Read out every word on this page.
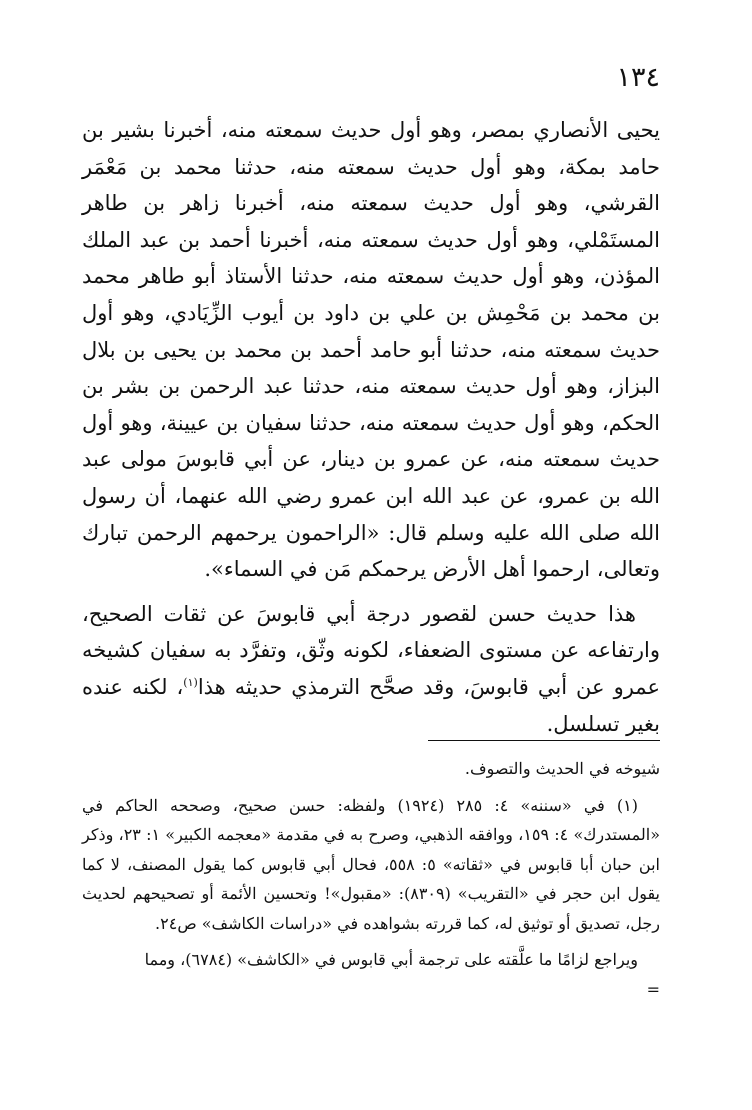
١٣٤

يحيى الأنصاري بمصر، وهو أول حديث سمعته منه، أخبرنا بشير بن حامد بمكة، وهو أول حديث سمعته منه، حدثنا محمد بن مَعْمَر القرشي، وهو أول حديث سمعته منه، أخبرنا زاهر بن طاهر المستَمْلي، وهو أول حديث سمعته منه، أخبرنا أحمد بن عبد الملك المؤذن، وهو أول حديث سمعته منه، حدثنا الأستاذ أبو طاهر محمد بن محمد بن مَحْمِش بن علي بن داود بن أيوب الزِّيَادي، وهو أول حديث سمعته منه، حدثنا أبو حامد أحمد بن محمد بن يحيى بن بلال البزاز، وهو أول حديث سمعته منه، حدثنا عبد الرحمن بن بشر بن الحكم، وهو أول حديث سمعته منه، حدثنا سفيان بن عيينة، وهو أول حديث سمعته منه، عن عمرو بن دينار، عن أبي قابوسَ مولى عبد الله بن عمرو، عن عبد الله ابن عمرو رضي الله عنهما، أن رسول الله صلى الله عليه وسلم قال: «الراحمون يرحمهم الرحمن تبارك وتعالى، ارحموا أهل الأرض يرحمكم مَن في السماء».

هذا حديث حسن لقصور درجة أبي قابوسَ عن ثقات الصحيح، وارتفاعه عن مستوى الضعفاء، لكونه وثّق، وتفرَّد به سفيان كشيخه عمرو عن أبي قابوسَ، وقد صحَّح الترمذي حديثه هذا$^{(١)}$، لكنه عنده بغير تسلسل.

شيوخه في الحديث والتصوف.

(١) في «سننه» ٤: ٢٨٥ (١٩٢٤) ولفظه: حسن صحيح، وصححه الحاكم في «المستدرك» ٤: ١٥٩، ووافقه الذهبي، وصرح به في مقدمة «معجمه الكبير» ١: ٢٣، وذكر ابن حبان أبا قابوس في «ثقاته» ٥: ٥٥٨، فحال أبي قابوس كما يقول المصنف، لا كما يقول ابن حجر في «التقريب» (٨٣٠٩): «مقبول»! وتحسين الأئمة أو تصحيحهم لحديث رجل، تصديق أو توثيق له، كما قررته بشواهده في «دراسات الكاشف» ص٢٤.

ويراجع لزامًا ما علَّقته على ترجمة أبي قابوس في «الكاشف» (٦٧٨٤)، ومما

=
